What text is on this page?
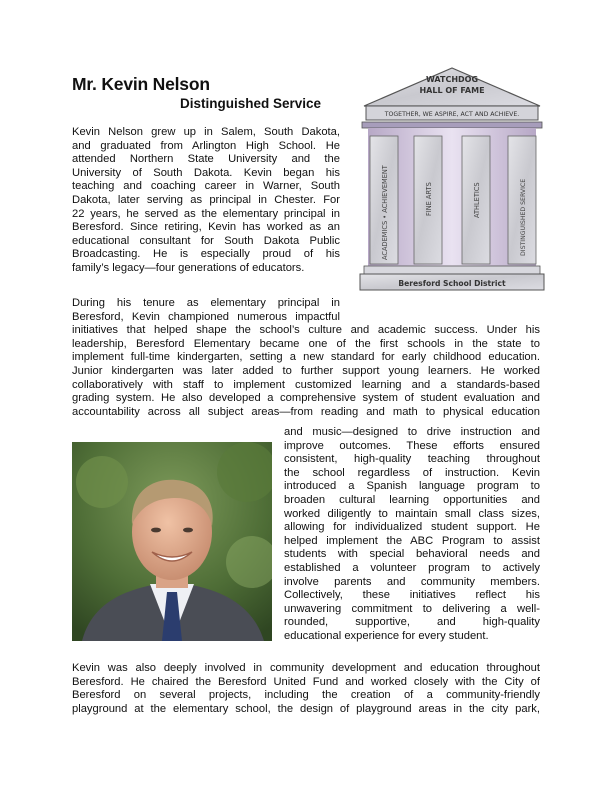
Mr. Kevin Nelson
Distinguished Service
WATCHDOG
HALL OF FAME
TOGETHER, WE ASPIRE, ACT AND ACHIEVE.
ACADEMICS • ACHIEVEMENT	FINE ARTS	ATHLETICS	DISTINGUISHED SERVICE
Beresford School District
Kevin Nelson grew up in Salem, South Dakota,
and graduated from Arlington High School. He
attended Northern State University and the
University of South Dakota. Kevin began his
teaching and coaching career in Warner, South
Dakota, later serving as principal in Chester. For
22 years, he served as the elementary principal in
Beresford. Since retiring, Kevin has worked as an
educational consultant for South Dakota Public
Broadcasting. He is especially proud of his
family’s legacy—four generations of educators.
During his tenure as elementary principal in
Beresford, Kevin championed numerous impactful
initiatives that helped shape the school’s culture and academic success. Under his
leadership, Beresford Elementary became one of the first schools in the state to
implement full-time kindergarten, setting a new standard for early childhood education.
Junior kindergarten was later added to further support young learners. He worked
collaboratively with staff to implement customized learning and a standards-based
grading system. He also developed a comprehensive system of student evaluation and
accountability across all subject areas—from reading and math to physical education
and music—designed to drive instruction and
improve outcomes. These efforts ensured
consistent, high-quality teaching throughout
the school regardless of instruction. Kevin
introduced a Spanish language program to
broaden cultural learning opportunities and
worked diligently to maintain small class sizes,
allowing for individualized student support. He
helped implement the ABC Program to assist
students with special behavioral needs and
established a volunteer program to actively
involve parents and community members.
Collectively, these initiatives reflect his
unwavering commitment to delivering a well-
rounded, supportive, and high-quality
educational experience for every student.
Kevin was also deeply involved in community development and education throughout
Beresford. He chaired the Beresford United Fund and worked closely with the City of
Beresford on several projects, including the creation of a community-friendly
playground at the elementary school, the design of playground areas in the city park,
